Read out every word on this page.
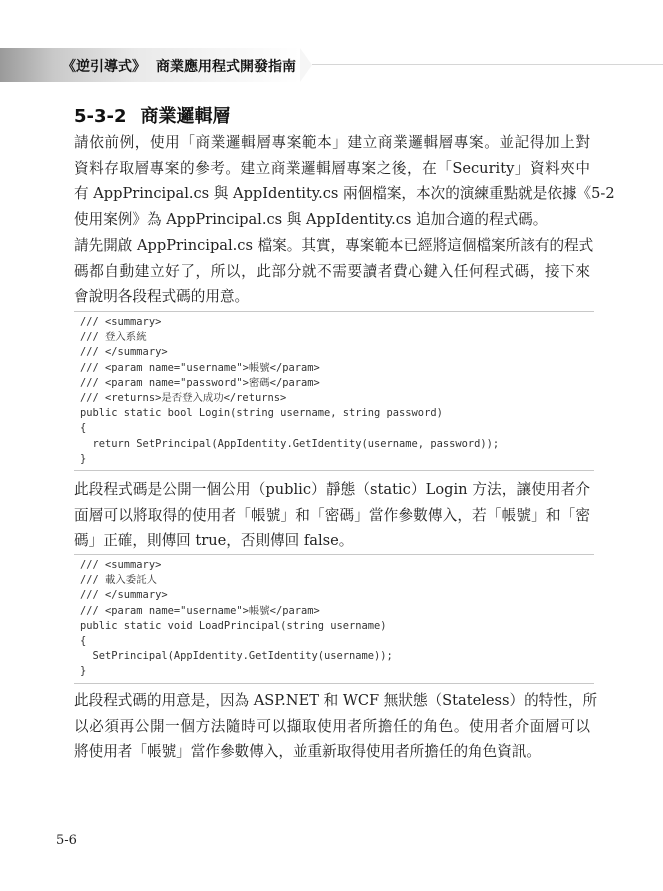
《逆引導式》 商業應用程式開發指南
5-3-2 商業邏輯層
請依前例，使用「商業邏輯層專案範本」建立商業邏輯層專案。並記得加上對
資料存取層專案的參考。建立商業邏輯層專案之後，在「Security」資料夾中
有 AppPrincipal.cs 與 AppIdentity.cs 兩個檔案，本次的演練重點就是依據《5-2
使用案例》為 AppPrincipal.cs 與 AppIdentity.cs 追加合適的程式碼。
請先開啟 AppPrincipal.cs 檔案。其實，專案範本已經將這個檔案所該有的程式
碼都自動建立好了，所以，此部分就不需要讀者費心鍵入任何程式碼，接下來
會說明各段程式碼的用意。
/// <summary>
/// 登入系統
/// </summary>
/// <param name="username">帳號</param>
/// <param name="password">密碼</param>
/// <returns>是否登入成功</returns>
public static bool Login(string username, string password)
{
return SetPrincipal(AppIdentity.GetIdentity(username, password));
}
此段程式碼是公開一個公用（public）靜態（static）Login 方法，讓使用者介
面層可以將取得的使用者「帳號」和「密碼」當作參數傳入，若「帳號」和「密
碼」正確，則傳回 true，否則傳回 false。
/// <summary>
/// 載入委託人
/// </summary>
/// <param name="username">帳號</param>
public static void LoadPrincipal(string username)
{
SetPrincipal(AppIdentity.GetIdentity(username));
}
此段程式碼的用意是，因為 ASP.NET 和 WCF 無狀態（Stateless）的特性，所
以必須再公開一個方法隨時可以擷取使用者所擔任的角色。使用者介面層可以
將使用者「帳號」當作參數傳入，並重新取得使用者所擔任的角色資訊。
5-6
